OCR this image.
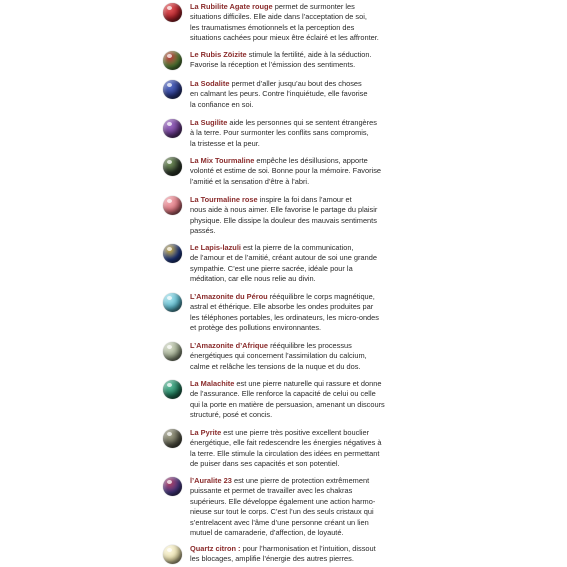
La Rubilite Agate rouge permet de surmonter les
situations difficiles. Elle aide dans l’acceptation de soi,
les traumatismes émotionnels et la perception des
situations cachées pour mieux être éclairé et les affronter.

Le Rubis Zöizite stimule la fertilité, aide à la séduction.
Favorise la réception et l’émission des sentiments.

La Sodalite permet d’aller jusqu’au bout des choses
en calmant les peurs. Contre l’inquiétude, elle favorise
la confiance en soi.

La Sugilite aide les personnes qui se sentent étrangères
à la terre. Pour surmonter les conflits sans compromis,
la tristesse et la peur.

La Mix Tourmaline empêche les désillusions, apporte
volonté et estime de soi. Bonne pour la mémoire. Favorise
l’amitié et la sensation d’être à l’abri.

La Tourmaline rose inspire la foi dans l’amour et
nous aide à nous aimer. Elle favorise le partage du plaisir
physique. Elle dissipe la douleur des mauvais sentiments
passés.

Le Lapis-lazuli est la pierre de la communication,
de l’amour et de l’amitié, créant autour de soi une grande
sympathie. C’est une pierre sacrée, idéale pour la
méditation, car elle nous relie au divin.

L’Amazonite du Pérou rééquilibre le corps magnétique,
astral et éthérique. Elle absorbe les ondes produites par
les téléphones portables, les ordinateurs, les micro-ondes
et protège des pollutions environnantes.

L’Amazonite d’Afrique rééquilibre les processus
énergétiques qui concernent l’assimilation du calcium,
calme et relâche les tensions de la nuque et du dos.

La Malachite est une pierre naturelle qui rassure et donne
de l’assurance. Elle renforce la capacité de celui ou celle
qui la porte en matière de persuasion, amenant un discours
structuré, posé et concis.

La Pyrite est une pierre très positive excellent bouclier
énergétique, elle fait redescendre les énergies négatives à
la terre. Elle stimule la circulation des idées en permettant
de puiser dans ses capacités et son potentiel.

l’Auralite 23 est une pierre de protection extrêmement
puissante et permet de travailler avec les chakras
supérieurs. Elle développe également une action harmo-
nieuse sur tout le corps. C’est l’un des seuls cristaux qui
s’entrelacent avec l’âme d’une personne créant un lien
mutuel de camaraderie, d’affection, de loyauté.

Quartz citron : pour l’harmonisation et l’intuition, dissout
les blocages, amplifie l’énergie des autres pierres.
